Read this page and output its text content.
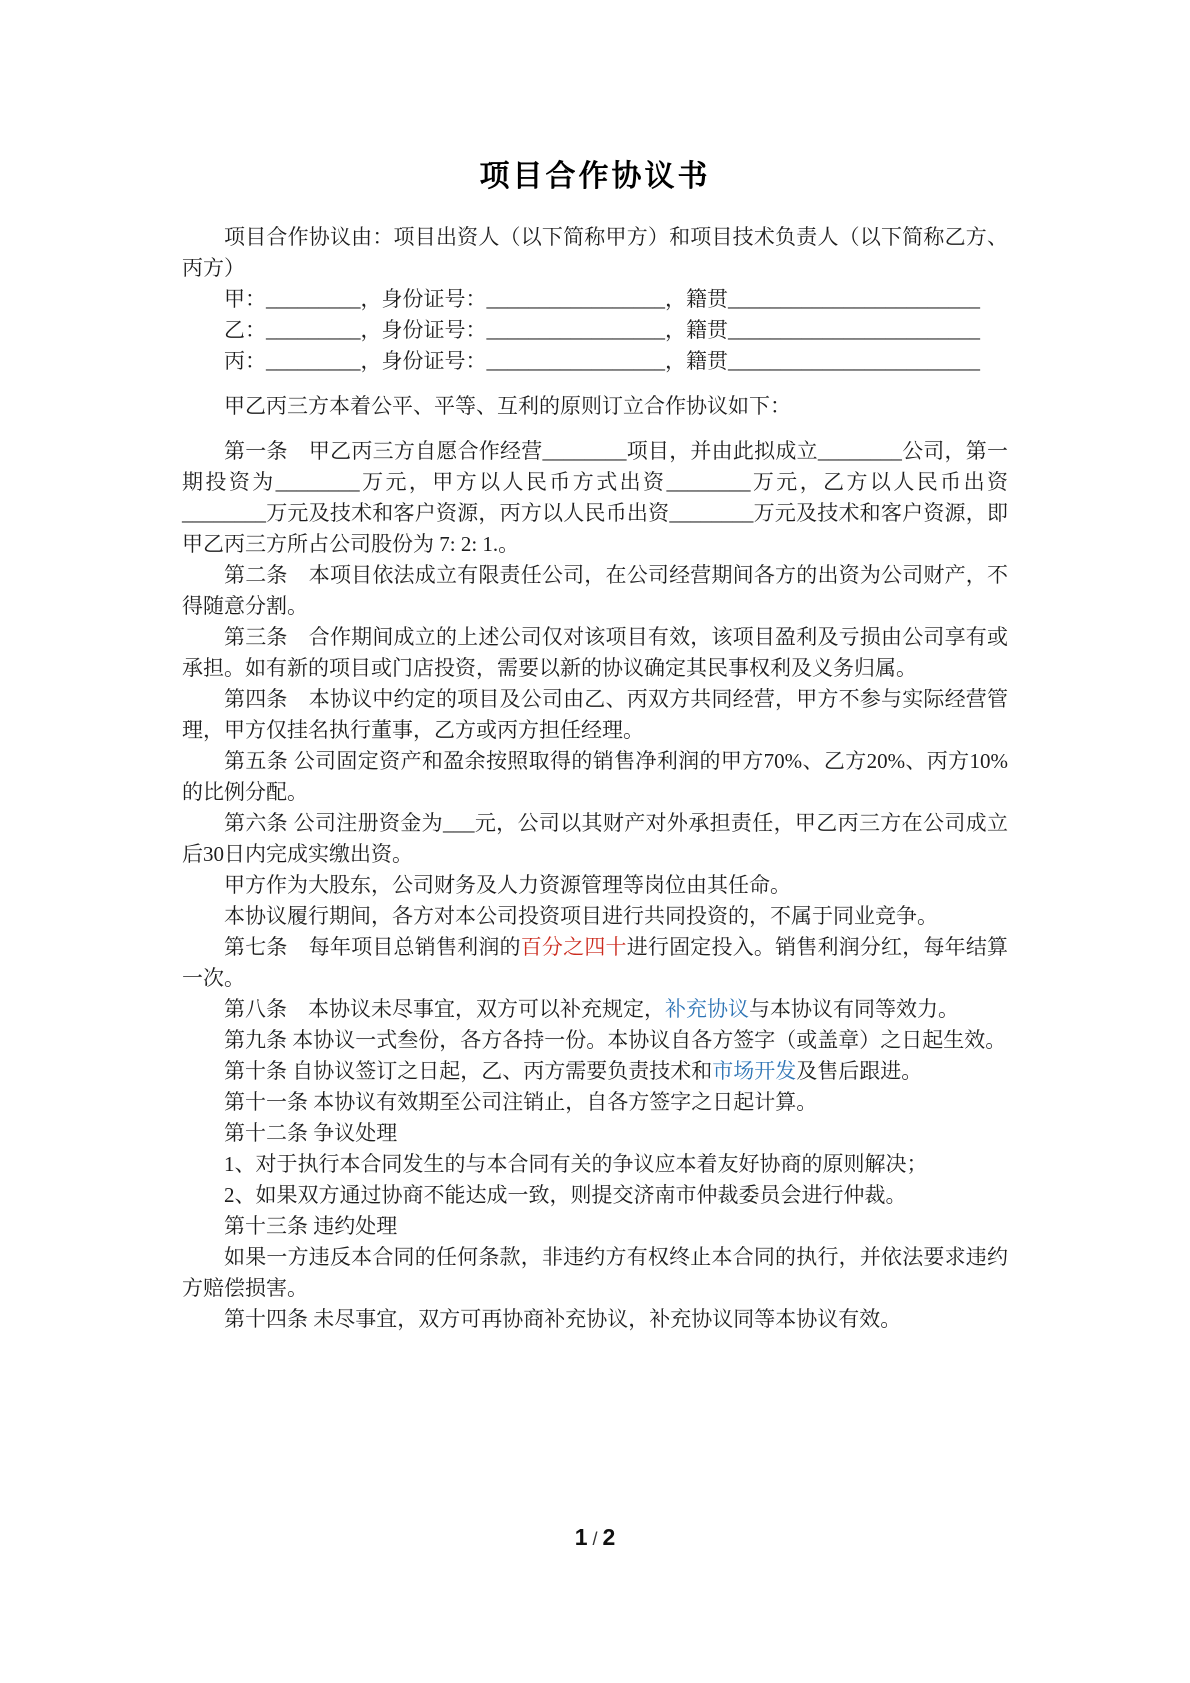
项目合作协议书
项目合作协议由：项目出资人（以下简称甲方）和项目技术负责人（以下简称乙方、丙方）
甲：_________，身份证号：_________________，籍贯________________________
乙：_________，身份证号：_________________，籍贯________________________
丙：_________，身份证号：_________________，籍贯________________________
甲乙丙三方本着公平、平等、互利的原则订立合作协议如下：
第一条　甲乙丙三方自愿合作经营________项目，并由此拟成立________公司，第一期投资为________万元，甲方以人民币方式出资________万元，乙方以人民币出资________万元及技术和客户资源，丙方以人民币出资________万元及技术和客户资源，即甲乙丙三方所占公司股份为 7: 2: 1.。
第二条　本项目依法成立有限责任公司，在公司经营期间各方的出资为公司财产，不得随意分割。
第三条　合作期间成立的上述公司仅对该项目有效，该项目盈利及亏损由公司享有或承担。如有新的项目或门店投资，需要以新的协议确定其民事权利及义务归属。
第四条　本协议中约定的项目及公司由乙、丙双方共同经营，甲方不参与实际经营管理，甲方仅挂名执行董事，乙方或丙方担任经理。
第五条 公司固定资产和盈余按照取得的销售净利润的甲方70%、乙方20%、丙方10%的比例分配。
第六条 公司注册资金为___元，公司以其财产对外承担责任，甲乙丙三方在公司成立后30日内完成实缴出资。
甲方作为大股东，公司财务及人力资源管理等岗位由其任命。
本协议履行期间，各方对本公司投资项目进行共同投资的，不属于同业竞争。
第七条　每年项目总销售利润的百分之四十进行固定投入。销售利润分红，每年结算一次。
第八条　本协议未尽事宜，双方可以补充规定，补充协议与本协议有同等效力。
第九条 本协议一式叁份，各方各持一份。本协议自各方签字（或盖章）之日起生效。
第十条 自协议签订之日起，乙、丙方需要负责技术和市场开发及售后跟进。
第十一条 本协议有效期至公司注销止，自各方签字之日起计算。
第十二条 争议处理
1、对于执行本合同发生的与本合同有关的争议应本着友好协商的原则解决；
2、如果双方通过协商不能达成一致，则提交济南市仲裁委员会进行仲裁。
第十三条 违约处理
如果一方违反本合同的任何条款，非违约方有权终止本合同的执行，并依法要求违约方赔偿损害。
第十四条 未尽事宜，双方可再协商补充协议，补充协议同等本协议有效。
1 / 2
